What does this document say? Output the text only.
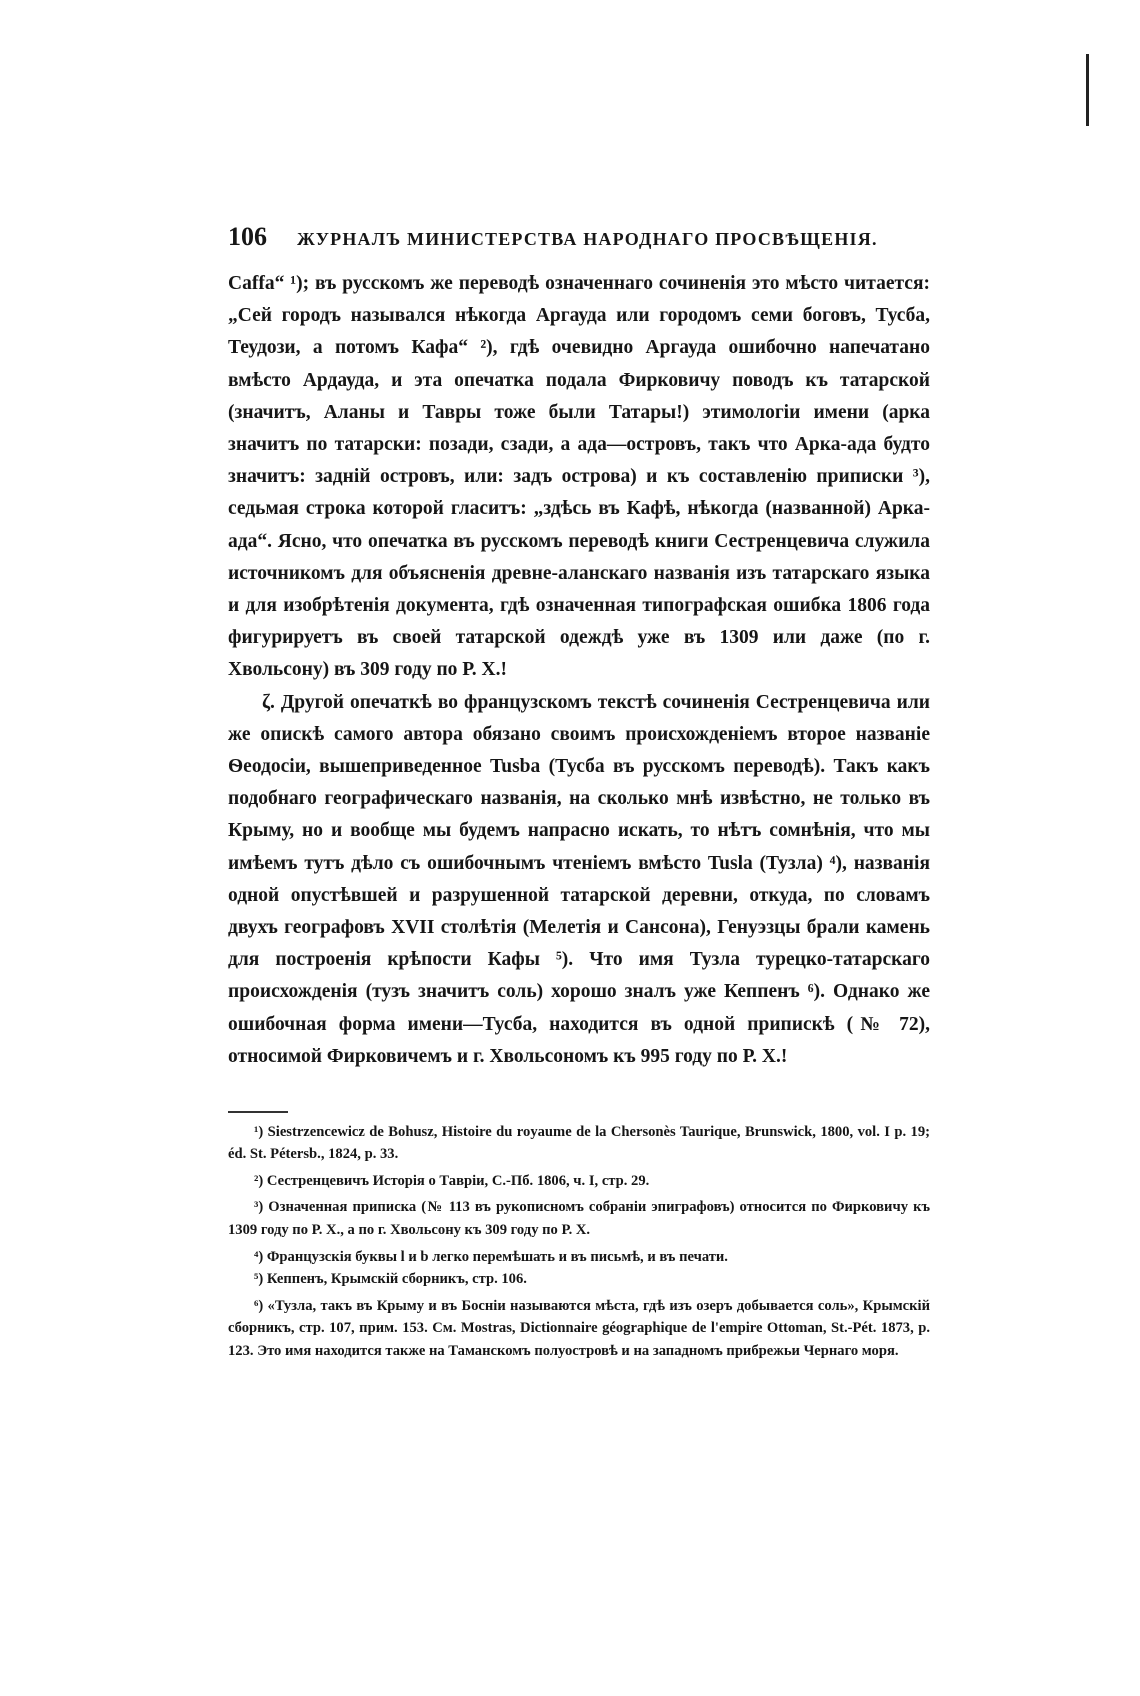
106 ЖУРНАЛЪ МИНИСТЕРСТВА НАРОДНАГО ПРОСВѢЩЕНІЯ.

Caffa“ ¹); въ русскомъ же переводѣ означеннаго сочиненія это мѣсто читается: „Сей городъ назывался нѣкогда Аргауда или городомъ семи боговъ, Тусба, Теудози, а потомъ Кафа“ ²), гдѣ очевидно Аргауда ошибочно напечатано вмѣсто Ардауда, и эта опечатка подала Фирковичу поводъ къ татарской (значитъ, Аланы и Тавры тоже были Татары!) этимологіи имени (арка значитъ по татарски: позади, сзади, а ада—островъ, такъ что Арка-ада будто значитъ: задній островъ, или: задъ острова) и къ составленію приписки ³), седьмая строка которой гласитъ: „здѣсь въ Кафѣ, нѣкогда (названной) Арка-ада“. Ясно, что опечатка въ русскомъ переводѣ книги Сестренцевича служила источникомъ для объясненія древне-аланскаго названія изъ татарскаго языка и для изобрѣтенія документа, гдѣ означенная типографская ошибка 1806 года фигурируетъ въ своей татарской одеждѣ уже въ 1309 или даже (по г. Хвольсону) въ 309 году по Р. Х.!

ζ. Другой опечаткѣ во французскомъ текстѣ сочиненія Сестренцевича или же опискѣ самого автора обязано своимъ происхожденіемъ второе названіе Ѳеодосіи, вышеприведенное Tusba (Тусба въ русскомъ переводѣ). Такъ какъ подобнаго географическаго названія, на сколько мнѣ извѣстно, не только въ Крыму, но и вообще мы будемъ напрасно искать, то нѣтъ сомнѣнія, что мы имѣемъ тутъ дѣло съ ошибочнымъ чтеніемъ вмѣсто Tusla (Тузла) ⁴), названія одной опустѣвшей и разрушенной татарской деревни, откуда, по словамъ двухъ географовъ XVII столѣтія (Мелетія и Сансона), Генуэзцы брали камень для построенія крѣпости Кафы ⁵). Что имя Тузла турецко-татарскаго происхожденія (тузъ значитъ соль) хорошо зналъ уже Кеппенъ ⁶). Однако же ошибочная форма имени—Тусба, находится въ одной припискѣ (№ 72), относимой Фирковичемъ и г. Хвольсономъ къ 995 году по Р. Х.!

¹) Siestrzencewicz de Bohusz, Histoire du royaume de la Chersonès Taurique, Brunswick, 1800, vol. I p. 19; éd. St. Pétersb., 1824, p. 33.

²) Сестренцевичъ Исторія о Тавріи, С.-Пб. 1806, ч. I, стр. 29.

³) Означенная приписка (№ 113 въ рукописномъ собраніи эпиграфовъ) относится по Фирковичу къ 1309 году по Р. Х., а по г. Хвольсону къ 309 году по Р. Х.

⁴) Французскія буквы l и b легко перемѣшать и въ письмѣ, и въ печати.

⁵) Кеппенъ, Крымскій сборникъ, стр. 106.

⁶) «Тузла, такъ въ Крыму и въ Босніи называются мѣста, гдѣ изъ озеръ добывается соль», Крымскій сборникъ, стр. 107, прим. 153. См. Mostras, Dictionnaire géographique de l'empire Ottoman, St.-Pét. 1873, p. 123. Это имя находится также на Таманскомъ полуостровѣ и на западномъ прибрежьи Чернаго моря.
